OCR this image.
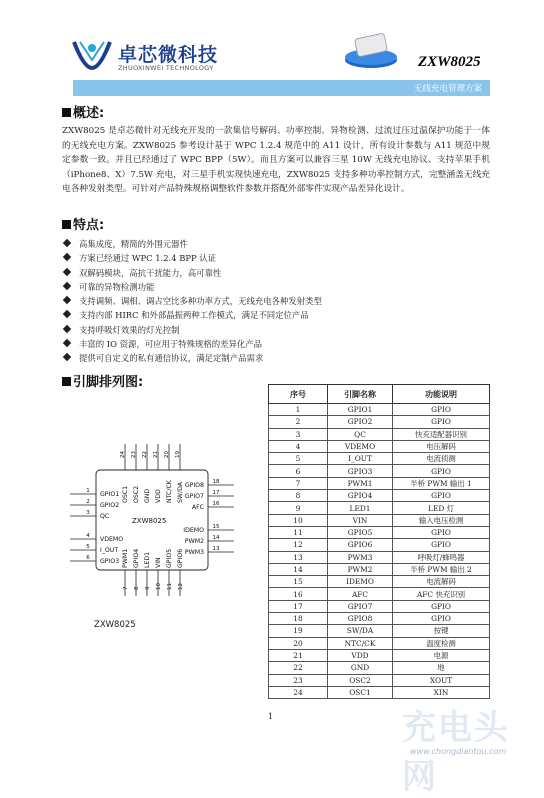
卓芯微科技
ZHUOXINWEI TECHNOLOGY	ZXW8025
无线充电管理方案
概述:
ZXW8025 是卓芯微针对无线充开发的一款集信号解码、功率控制、异物检测、过流过压过温保护功能于一体的无线充电方案。ZXW8025 参考设计基于 WPC 1.2.4 规范中的 A11 设计，所有设计参数与 A11 规范中规定参数一致。并且已经通过了 WPC BPP（5W）。而且方案可以兼容三星 10W 无线充电协议、支持苹果手机（iPhone8、X）7.5W 充电，对三星手机实现快速充电，ZXW8025 支持多种功率控制方式，完整涵盖无线充电各种发射类型。可针对产品特殊规格调整软件参数并搭配外部零件实现产品差异化设计。
特点:
高集成度，精简的外围元器件
方案已经通过 WPC 1.2.4 BPP 认证
双解码模块，高抗干扰能力，高可靠性
可靠的异物检测功能
支持调频、调相、调占空比多种功率方式，无线充电各种发射类型
支持内部 HIRC 和外部晶振两种工作模式，满足不同定位产品
支持呼吸灯效果的灯光控制
丰富的 IO 资源，可应用于特殊规格的差异化产品
提供可自定义的私有通信协议，满足定制产品需求
引脚排列图:
ZXW8025
1 GPIO1
2 GPIO2
3 QC
4 VDEMO
5 I_OUT
6 GPIO3
13
PWM3
14
PWM2
15
IDEMO
16
AFC
17
GPIO7
18
GPIO8
19
SW/DA
20
NTC/CK
21
VDD
22
GND
23
OSC2
24
OSC1
7
PWM1
8
GPIO4
9
LED1
10
VIN
11
GPIO5
12
GPIO6
ZXW8025
序号	引脚名称	功能说明
1	GPIO1	GPIO
2	GPIO2	GPIO
3	QC	快充适配器识别
4	VDEMO	电压解码
5	I_OUT	电流侦测
6	GPIO3	GPIO
7	PWM1	半桥 PWM 输出 1
8	GPIO4	GPIO
9	LED1	LED 灯
10	VIN	输入电压检测
11	GPIO5	GPIO
12	GPIO6	GPIO
13	PWM3	呼吸灯/蜂鸣器
14	PWM2	半桥 PWM 输出 2
15	IDEMO	电流解码
16	AFC	AFC 快充识别
17	GPIO7	GPIO
18	GPIO8	GPIO
19	SW/DA	按键
20	NTC/CK	温度检测
21	VDD	电源
22	GND	地
23	OSC2	XOUT
24	OSC1	XIN
1	充电头网
www.chongdiantou.com
